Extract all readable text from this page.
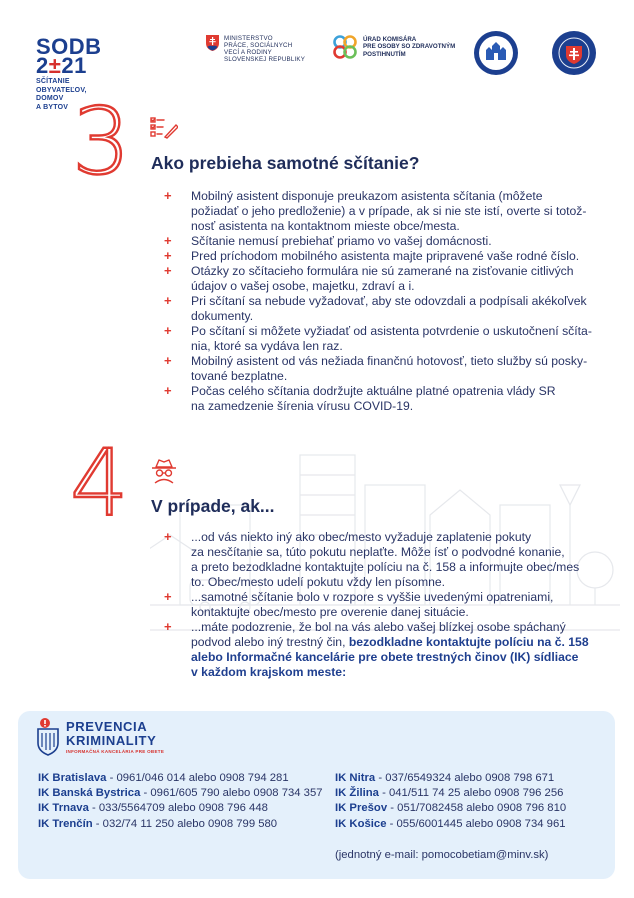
SODB
2±21
SČÍTANIE
OBYVATEĽOV,
DOMOV
A BYTOV
MINISTERSTVO
PRÁCE, SOCIÁLNYCH
VECÍ A RODINY
SLOVENSKEJ REPUBLIKY
ÚRAD KOMISÁRA
PRE OSOBY SO ZDRAVOTNÝM
POSTIHNUTÍM
3 Ako prebieha samotné sčítanie?
+ Mobilný asistent disponuje preukazom asistenta sčítania (môžete
požiadať o jeho predloženie) a v prípade, ak si nie ste istí, overte si totož-
nosť asistenta na kontaktnom mieste obce/mesta.
+ Sčítanie nemusí prebiehať priamo vo vašej domácnosti.
+ Pred príchodom mobilného asistenta majte pripravené vaše rodné číslo.
+ Otázky zo sčítacieho formulára nie sú zamerané na zisťovanie citlivých
údajov o vašej osobe, majetku, zdraví a i.
+ Pri sčítaní sa nebude vyžadovať, aby ste odovzdali a podpísali akékoľvek
dokumenty.
+ Po sčítaní si môžete vyžiadať od asistenta potvrdenie o uskutočnení sčíta-
nia, ktoré sa vydáva len raz.
+ Mobilný asistent od vás nežiada finančnú hotovosť, tieto služby sú posky-
tované bezplatne.
+ Počas celého sčítania dodržujte aktuálne platné opatrenia vlády SR
na zamedzenie šírenia vírusu COVID-19.
4 V prípade, ak...
+ ...od vás niekto iný ako obec/mesto vyžaduje zaplatenie pokuty
za nesčítanie sa, túto pokutu neplaťte. Môže ísť o podvodné konanie,
a preto bezodkladne kontaktujte políciu na č. 158 a informujte obec/mes
to. Obec/mesto udelí pokutu vždy len písomne.
+ ...samotné sčítanie bolo v rozpore s vyššie uvedenými opatreniami,
kontaktujte obec/mesto pre overenie danej situácie.
+ ...máte podozrenie, že bol na vás alebo vašej blízkej osobe spáchaný
podvod alebo iný trestný čin, bezodkladne kontaktujte políciu na č. 158
alebo Informačné kancelárie pre obete trestných činov (IK) sídliace
v každom krajskom meste:
PREVENCIA
KRIMINALITY
INFORMAČNÁ KANCELÁRIA PRE OBETE
IK Bratislava - 0961/046 014 alebo 0908 794 281
IK Banská Bystrica - 0961/605 790 alebo 0908 734 357
IK Trnava - 033/5564709 alebo 0908 796 448
IK Trenčín - 032/74 11 250 alebo 0908 799 580
IK Nitra - 037/6549324 alebo 0908 798 671
IK Žilina - 041/511 74 25 alebo 0908 796 256
IK Prešov - 051/7082458 alebo 0908 796 810
IK Košice - 055/6001445 alebo 0908 734 961
(jednotný e-mail: pomocobetiam@minv.sk)
